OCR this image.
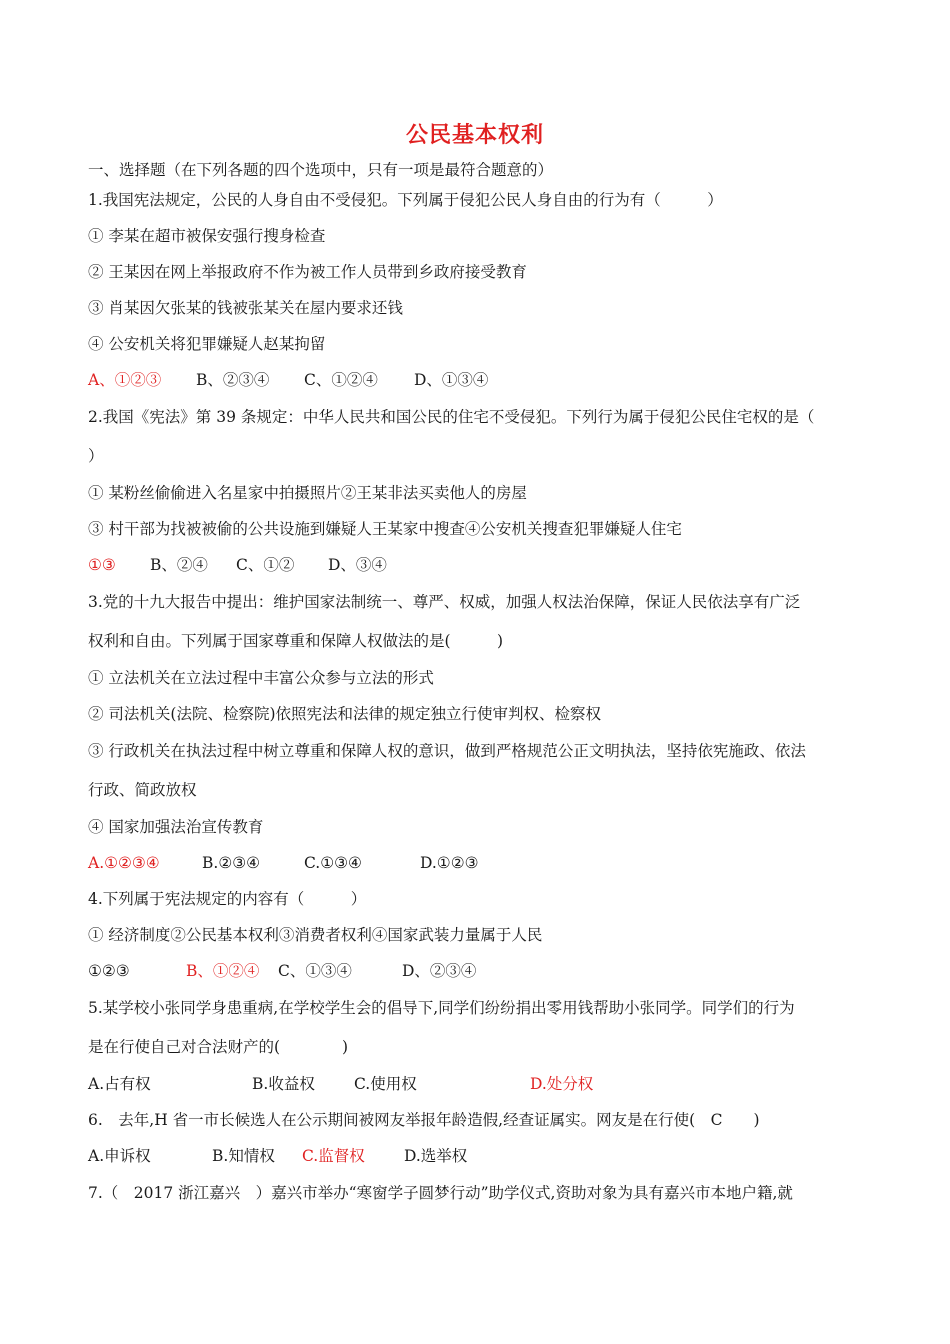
公民基本权利
一、选择题（在下列各题的四个选项中，只有一项是最符合题意的）
1.我国宪法规定，公民的人身自由不受侵犯。下列属于侵犯公民人身自由的行为有（　　　）
① 李某在超市被保安强行搜身检查
② 王某因在网上举报政府不作为被工作人员带到乡政府接受教育
③ 肖某因欠张某的钱被张某关在屋内要求还钱
④ 公安机关将犯罪嫌疑人赵某拘留
A、①②③ B、②③④ C、①②④ D、①③④
2.我国《宪法》第 39 条规定：中华人民共和国公民的住宅不受侵犯。下列行为属于侵犯公民住宅权的是（
）
① 某粉丝偷偷进入名星家中拍摄照片②王某非法买卖他人的房屋
③ 村干部为找被被偷的公共设施到嫌疑人王某家中搜查④公安机关搜查犯罪嫌疑人住宅
①③ B、②④ C、①② D、③④
3.党的十九大报告中提出：维护国家法制统一、尊严、权威，加强人权法治保障，保证人民依法享有广泛
权利和自由。下列属于国家尊重和保障人权做法的是(　　　)
① 立法机关在立法过程中丰富公众参与立法的形式
② 司法机关(法院、检察院)依照宪法和法律的规定独立行使审判权、检察权
③ 行政机关在执法过程中树立尊重和保障人权的意识，做到严格规范公正文明执法，坚持依宪施政、依法
行政、简政放权
④ 国家加强法治宣传教育
A.①②③④	B.②③④	C.①③④	D.①②③
4.下列属于宪法规定的内容有（　　　）
① 经济制度②公民基本权利③消费者权利④国家武装力量属于人民
①②③	B、①②④ C、①③④	D、②③④
5.某学校小张同学身患重病,在学校学生会的倡导下,同学们纷纷捐出零用钱帮助小张同学。同学们的行为
是在行使自己对合法财产的(　　　　)
A.占有权	B.收益权	C.使用权	D.处分权
6.　去年,H 省一市长候选人在公示期间被网友举报年龄造假,经查证属实。网友是在行使(　C　　)
A.申诉权	B.知情权 C.监督权	D.选举权
7.（　2017 浙江嘉兴　）嘉兴市举办“寒窗学子圆梦行动”助学仪式,资助对象为具有嘉兴市本地户籍,就
